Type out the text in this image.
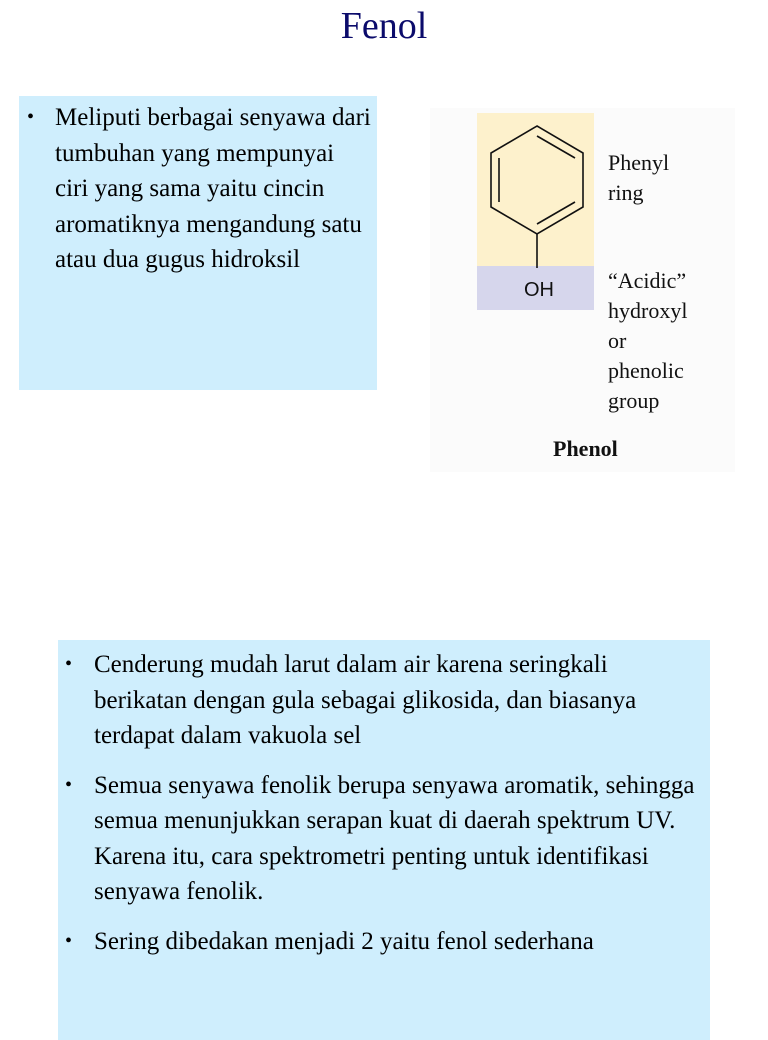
Fenol
• Meliputi berbagai senyawa dari tumbuhan yang mempunyai ciri yang sama yaitu cincin aromatiknya mengandung satu atau dua gugus hidroksil
OH
Phenyl
ring
“Acidic”
hydroxyl
or
phenolic
group
Phenol
• Cenderung mudah larut dalam air karena seringkali berikatan dengan gula sebagai glikosida, dan biasanya terdapat dalam vakuola sel
• Semua senyawa fenolik berupa senyawa aromatik, sehingga semua menunjukkan serapan kuat di daerah spektrum UV. Karena itu, cara spektrometri penting untuk identifikasi senyawa fenolik.
• Sering dibedakan menjadi 2 yaitu fenol sederhana
